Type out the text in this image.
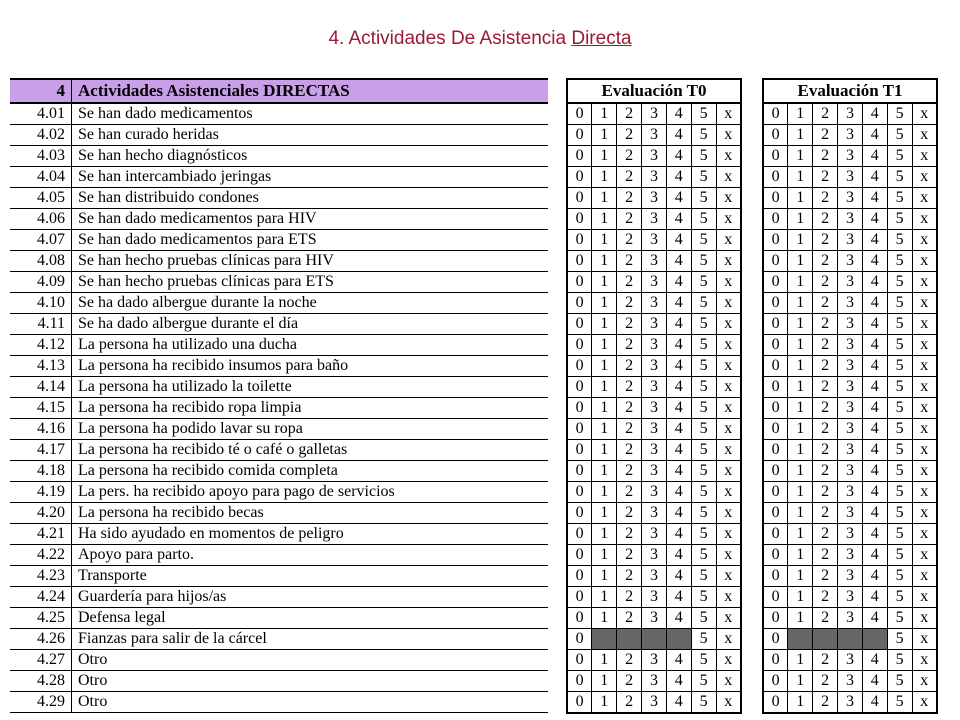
4. Actividades De Asistencia Directa
4	Actividades Asistenciales DIRECTAS
4.01	Se han dado medicamentos
4.02	Se han curado heridas
4.03	Se han hecho diagnósticos
4.04	Se han intercambiado jeringas
4.05	Se han distribuido condones
4.06	Se han dado medicamentos para HIV
4.07	Se han dado medicamentos para ETS
4.08	Se han hecho pruebas clínicas para HIV
4.09	Se han hecho pruebas clínicas para ETS
4.10	Se ha dado albergue durante la noche
4.11	Se ha dado albergue durante el día
4.12	La persona ha utilizado una ducha
4.13	La persona ha recibido insumos para baño
4.14	La persona ha utilizado la toilette
4.15	La persona ha recibido ropa limpia
4.16	La persona ha podido lavar su ropa
4.17	La persona ha recibido té o café o galletas
4.18	La persona ha recibido comida completa
4.19	La pers. ha recibido apoyo para pago de servicios
4.20	La persona ha recibido becas
4.21	Ha sido ayudado en momentos de peligro
4.22	Apoyo para parto.
4.23	Transporte
4.24	Guardería para hijos/as
4.25	Defensa legal
4.26	Fianzas para salir de la cárcel
4.27	Otro
4.28	Otro
4.29	Otro
Evaluación T0						
0	1	2	3	4	5	x
0	1	2	3	4	5	x
0	1	2	3	4	5	x
0	1	2	3	4	5	x
0	1	2	3	4	5	x
0	1	2	3	4	5	x
0	1	2	3	4	5	x
0	1	2	3	4	5	x
0	1	2	3	4	5	x
0	1	2	3	4	5	x
0	1	2	3	4	5	x
0	1	2	3	4	5	x
0	1	2	3	4	5	x
0	1	2	3	4	5	x
0	1	2	3	4	5	x
0	1	2	3	4	5	x
0	1	2	3	4	5	x
0	1	2	3	4	5	x
0	1	2	3	4	5	x
0	1	2	3	4	5	x
0	1	2	3	4	5	x
0	1	2	3	4	5	x
0	1	2	3	4	5	x
0	1	2	3	4	5	x
0	1	2	3	4	5	x
0					5	x
0	1	2	3	4	5	x
0	1	2	3	4	5	x
0	1	2	3	4	5	x
Evaluación T1						
0	1	2	3	4	5	x
0	1	2	3	4	5	x
0	1	2	3	4	5	x
0	1	2	3	4	5	x
0	1	2	3	4	5	x
0	1	2	3	4	5	x
0	1	2	3	4	5	x
0	1	2	3	4	5	x
0	1	2	3	4	5	x
0	1	2	3	4	5	x
0	1	2	3	4	5	x
0	1	2	3	4	5	x
0	1	2	3	4	5	x
0	1	2	3	4	5	x
0	1	2	3	4	5	x
0	1	2	3	4	5	x
0	1	2	3	4	5	x
0	1	2	3	4	5	x
0	1	2	3	4	5	x
0	1	2	3	4	5	x
0	1	2	3	4	5	x
0	1	2	3	4	5	x
0	1	2	3	4	5	x
0	1	2	3	4	5	x
0	1	2	3	4	5	x
0					5	x
0	1	2	3	4	5	x
0	1	2	3	4	5	x
0	1	2	3	4	5	x
